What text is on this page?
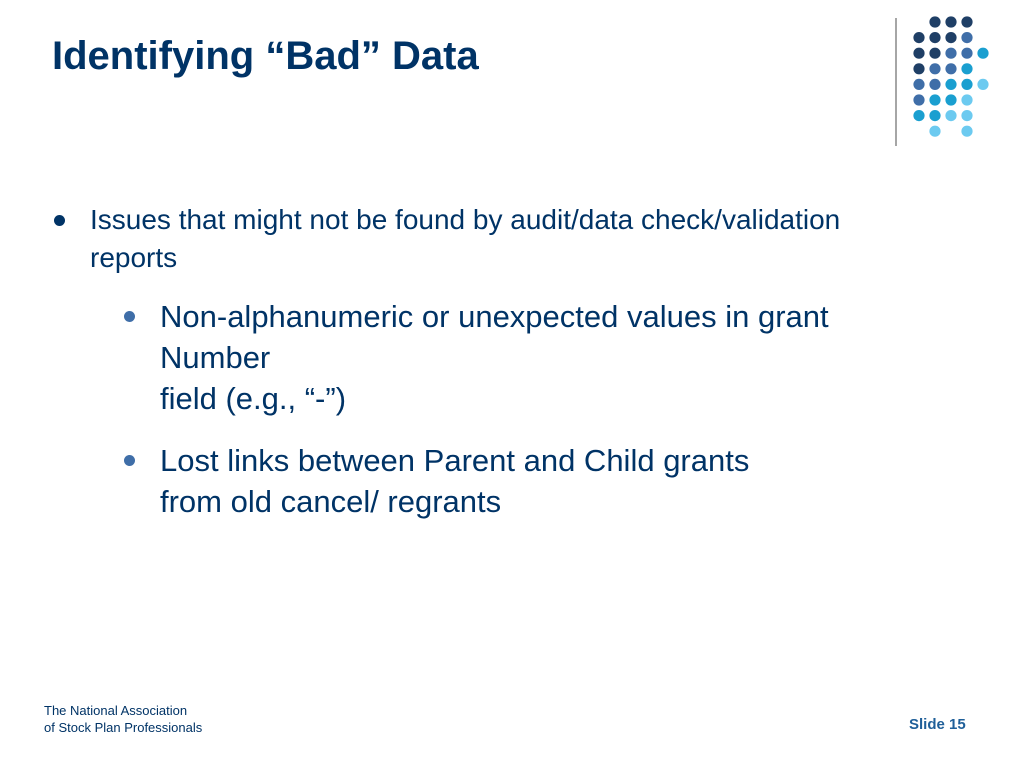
Identifying “Bad” Data
Issues that might not be found by audit/data check/validation
reports
Non-alphanumeric or unexpected values in grant
Number
field (e.g., “-”)
Lost links between Parent and Child grants
from old cancel/ regrants
The National Association
of Stock Plan Professionals	Slide 15
